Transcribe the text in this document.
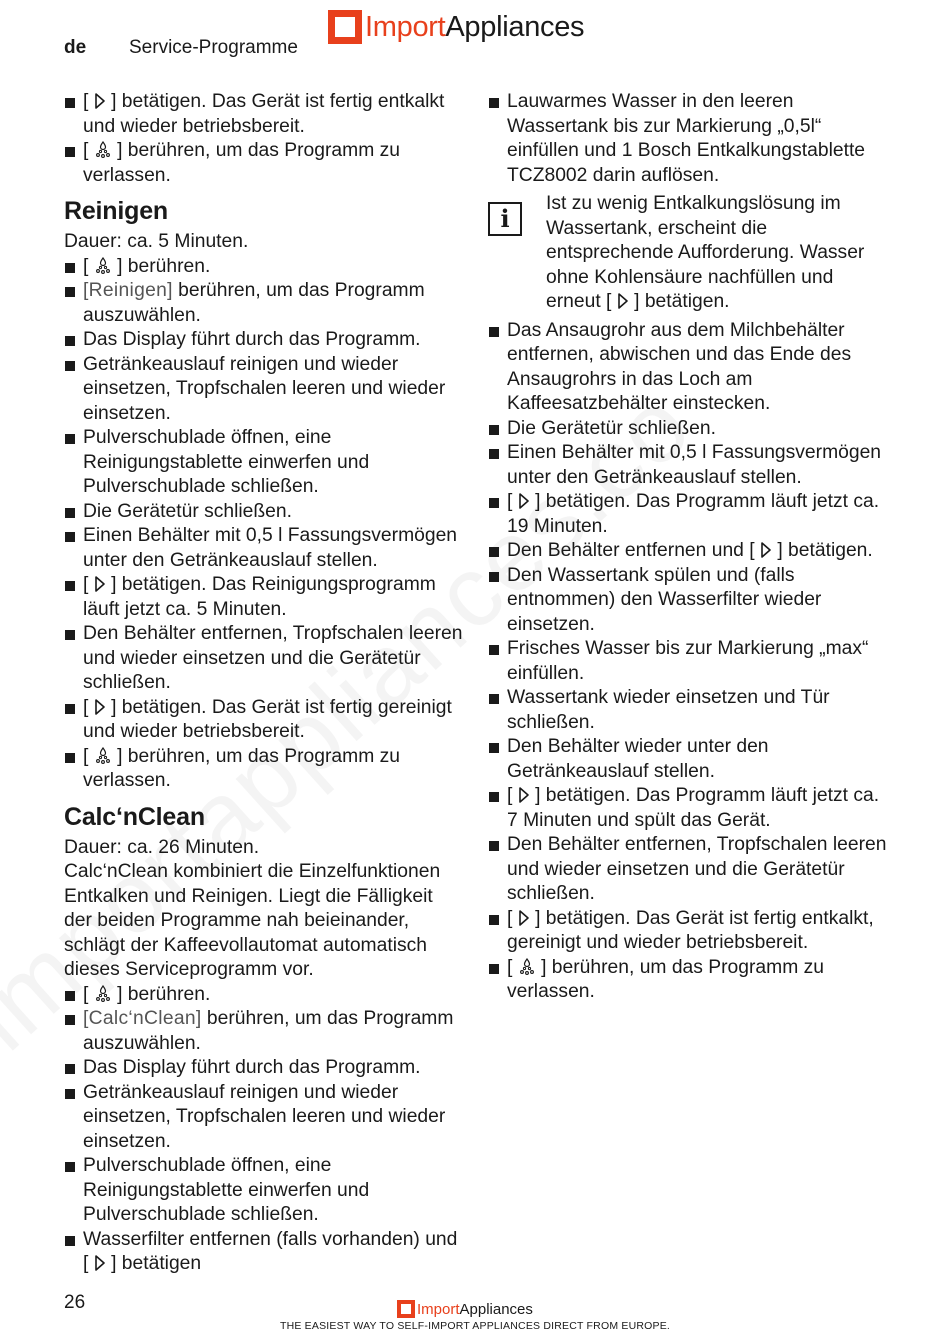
Import Appliances
de Service-Programme
[  ] betätigen. Das Gerät ist fertig entkalkt und wieder betriebsbereit.
[  ] berühren, um das Programm zu verlassen.
Reinigen

Dauer: ca. 5 Minuten.

[  ] berühren.
[Reinigen] berühren, um das Programm auszuwählen.
Das Display führt durch das Programm.
Getränkeauslauf reinigen und wieder einsetzen, Tropfschalen leeren und wieder einsetzen.
Pulverschublade öffnen, eine Reinigungstablette einwerfen und Pulverschublade schließen.
Die Gerätetür schließen.
Einen Behälter mit 0,5 l Fassungsvermögen unter den Getränkeauslauf stellen.
[  ] betätigen. Das Reinigungsprogramm läuft jetzt ca. 5 Minuten.
Den Behälter entfernen, Tropfschalen leeren und wieder einsetzen und die Gerätetür schließen.
[  ] betätigen. Das Gerät ist fertig gereinigt und wieder betriebsbereit.
[  ] berühren, um das Programm zu verlassen.
Calc‘nClean

Dauer: ca. 26 Minuten.

Calc‘nClean kombiniert die Einzelfunktionen Entkalken und Reinigen. Liegt die Fälligkeit der beiden Programme nah beieinander, schlägt der Kaffeevollautomat automatisch dieses Serviceprogramm vor.

[  ] berühren.
[Calc‘nClean] berühren, um das Programm auszuwählen.
Das Display führt durch das Programm.
Getränkeauslauf reinigen und wieder einsetzen, Tropfschalen leeren und wieder einsetzen.
Pulverschublade öffnen, eine Reinigungstablette einwerfen und Pulverschublade schließen.
Wasserfilter entfernen (falls vorhanden) und [  ] betätigen
Lauwarmes Wasser in den leeren Wassertank bis zur Markierung „0,5l“ einfüllen und 1 Bosch Entkalkungstablette TCZ8002 darin auflösen.
i
Ist zu wenig Entkalkungslösung im Wassertank, erscheint die entsprechende Aufforderung. Wasser ohne Kohlensäure nachfüllen und erneut [  ] betätigen.
Das Ansaugrohr aus dem Milchbehälter entfernen, abwischen und das Ende des Ansaugrohrs in das Loch am Kaffeesatzbehälter einstecken.
Die Gerätetür schließen.
Einen Behälter mit 0,5 l Fassungsvermögen unter den Getränkeauslauf stellen.
[  ] betätigen. Das Programm läuft jetzt ca. 19 Minuten.
Den Behälter entfernen und [  ] betätigen.
Den Wassertank spülen und (falls entnommen) den Wasserfilter wieder einsetzen.
Frisches Wasser bis zur Markierung „max“ einfüllen.
Wassertank wieder einsetzen und Tür schließen.
Den Behälter wieder unter den Getränkeauslauf stellen.
[  ] betätigen. Das Programm läuft jetzt ca. 7 Minuten und spült das Gerät.
Den Behälter entfernen, Tropfschalen leeren und wieder einsetzen und die Gerätetür schließen.
[  ] betätigen. Das Gerät ist fertig entkalkt, gereinigt und wieder betriebsbereit.
[  ] berühren, um das Programm zu verlassen.
26	Import Appliances
THE EASIEST WAY TO SELF-IMPORT APPLIANCES DIRECT FROM EUROPE.
